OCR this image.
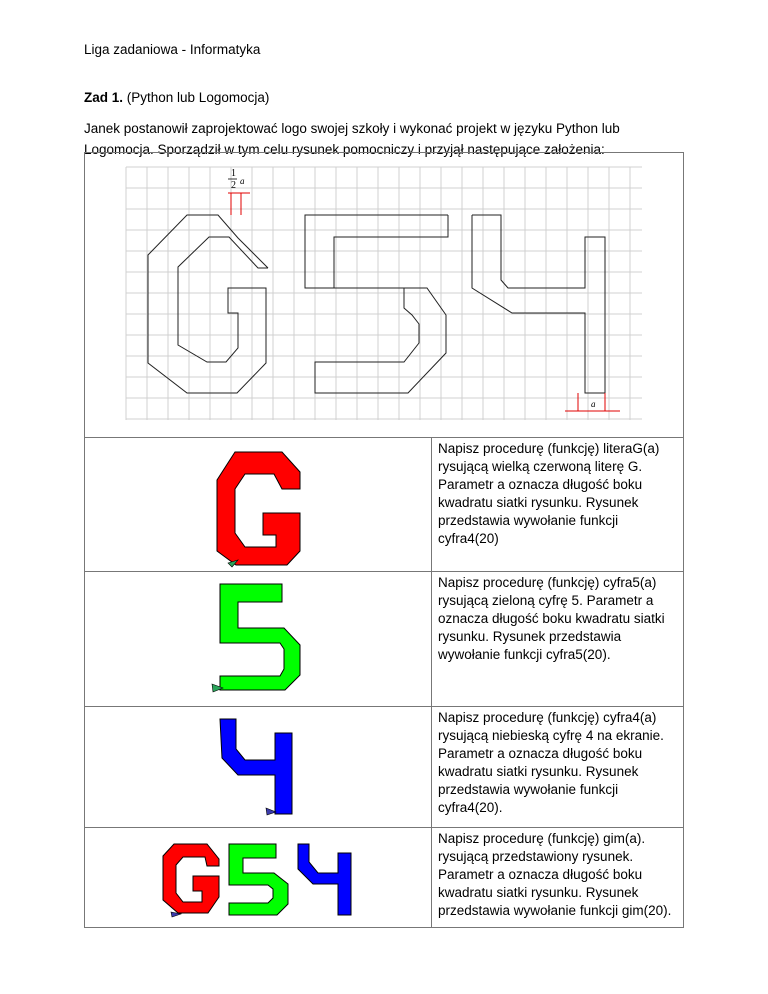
Liga zadaniowa - Informatyka
Zad 1. (Python lub Logomocja)
Janek postanowił zaprojektować logo swojej szkoły i wykonać projekt w języku Python lub
Logomocja. Sporządził w tym celu rysunek pomocniczy i przyjął następujące założenia:
1
2 a
a
Napisz procedurę (funkcję) literaG(a) rysującą wielką czerwoną literę G. Parametr a oznacza długość boku kwadratu siatki rysunku. Rysunek przedstawia wywołanie funkcji cyfra4(20)
Napisz procedurę (funkcję) cyfra5(a) rysującą zieloną cyfrę 5. Parametr a oznacza długość boku kwadratu siatki rysunku. Rysunek przedstawia wywołanie funkcji cyfra5(20).
Napisz procedurę (funkcję) cyfra4(a) rysującą niebieską cyfrę 4 na ekranie. Parametr a oznacza długość boku kwadratu siatki rysunku. Rysunek przedstawia wywołanie funkcji cyfra4(20).
Napisz procedurę (funkcję) gim(a). rysującą przedstawiony rysunek. Parametr a oznacza długość boku kwadratu siatki rysunku. Rysunek przedstawia wywołanie funkcji gim(20).
